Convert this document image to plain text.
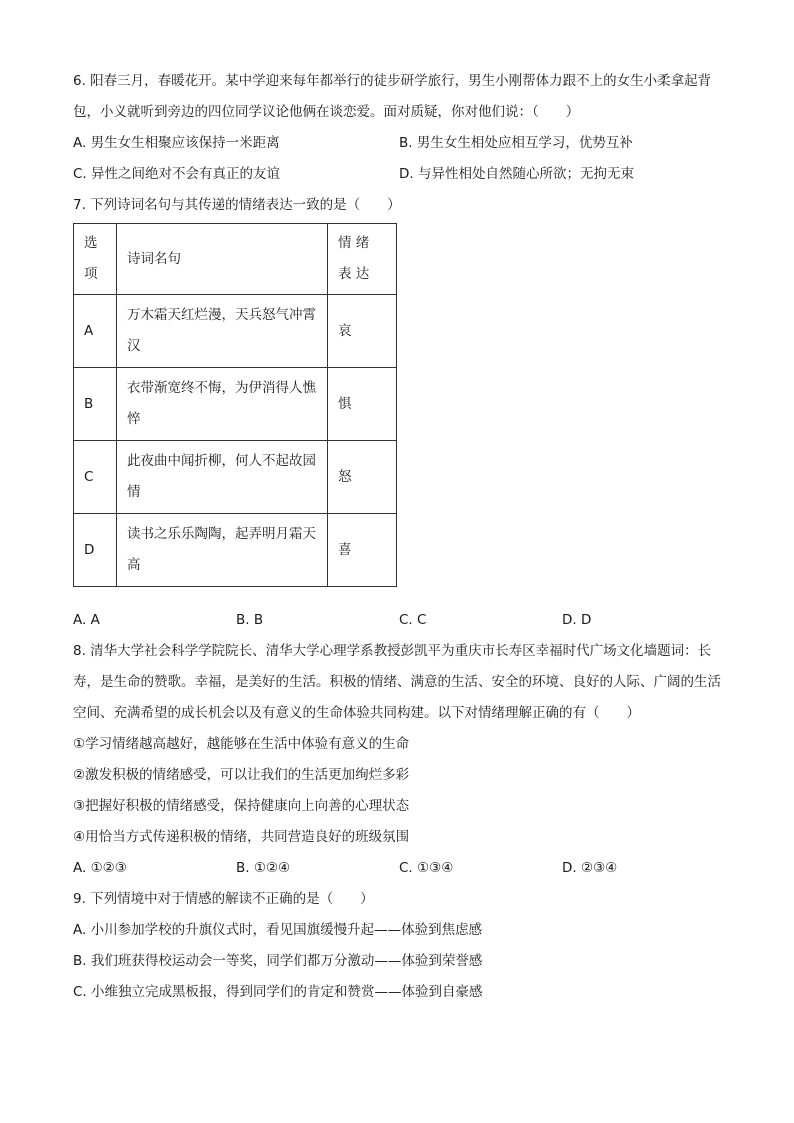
6. 阳春三月，春暖花开。某中学迎来每年都举行的徒步研学旅行，男生小刚帮体力跟不上的女生小柔拿起背包，小义就听到旁边的四位同学议论他俩在谈恋爱。面对质疑，你对他们说：（　　）
A. 男生女生相聚应该保持一米距离	B. 男生女生相处应相互学习，优势互补
C. 异性之间绝对不会有真正的友谊	D. 与异性相处自然随心所欲；无拘无束
7. 下列诗词名句与其传递的情绪表达一致的是（　　）
选项	诗词名句	情 绪 表 达
A	万木霜天红烂漫，天兵怒气冲霄汉	哀
B	衣带渐宽终不悔，为伊消得人憔悴	惧
C	此夜曲中闻折柳，何人不起故园情	怒
D	读书之乐乐陶陶，起弄明月霜天高	喜
A. A	B. B	C. C	D. D
8. 清华大学社会科学学院院长、清华大学心理学系教授彭凯平为重庆市长寿区幸福时代广场文化墙题词：长寿，是生命的赞歌。幸福，是美好的生活。积极的情绪、满意的生活、安全的环境、良好的人际、广阔的生活空间、充满希望的成长机会以及有意义的生命体验共同构建。以下对情绪理解正确的有（　　）
①学习情绪越高越好，越能够在生活中体验有意义的生命
②激发积极的情绪感受，可以让我们的生活更加绚烂多彩
③把握好积极的情绪感受，保持健康向上向善的心理状态
④用恰当方式传递积极的情绪，共同营造良好的班级氛围
A. ①②③	B. ①②④	C. ①③④	D. ②③④
9. 下列情境中对于情感的解读不正确的是（　　）
A. 小川参加学校的升旗仪式时，看见国旗缓慢升起——体验到焦虑感
B. 我们班获得校运动会一等奖，同学们都万分激动——体验到荣誉感
C. 小维独立完成黑板报，得到同学们的肯定和赞赏——体验到自豪感
